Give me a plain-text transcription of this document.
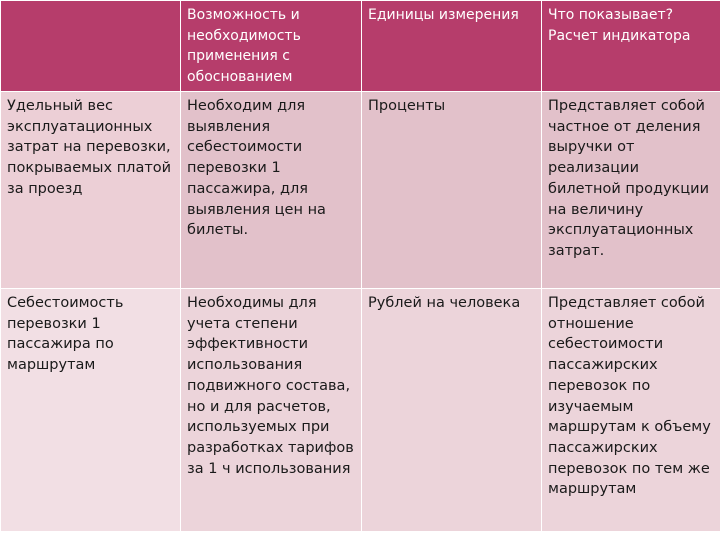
	Возможность и необходимость применения с обоснованием	Единицы измерения	Что показывает? Расчет индикатора

Удельный вес эксплуатационных затрат на перевозки, покрываемых платой за проезд	Необходим для выявления себестоимости перевозки 1 пассажира, для выявления цен на билеты.	Проценты	Представляет собой частное от деления выручки от реализации билетной продукции на величину эксплуатационных затрат.

Себестоимость перевозки 1 пассажира по маршрутам	Необходимы для учета степени эффективности использования подвижного состава, но и для расчетов, используемых при разработках тарифов за 1 ч использования	Рублей на человека	Представляет собой отношение себестоимости пассажирских перевозок по изучаемым маршрутам к объему пассажирских перевозок по тем же маршрутам
